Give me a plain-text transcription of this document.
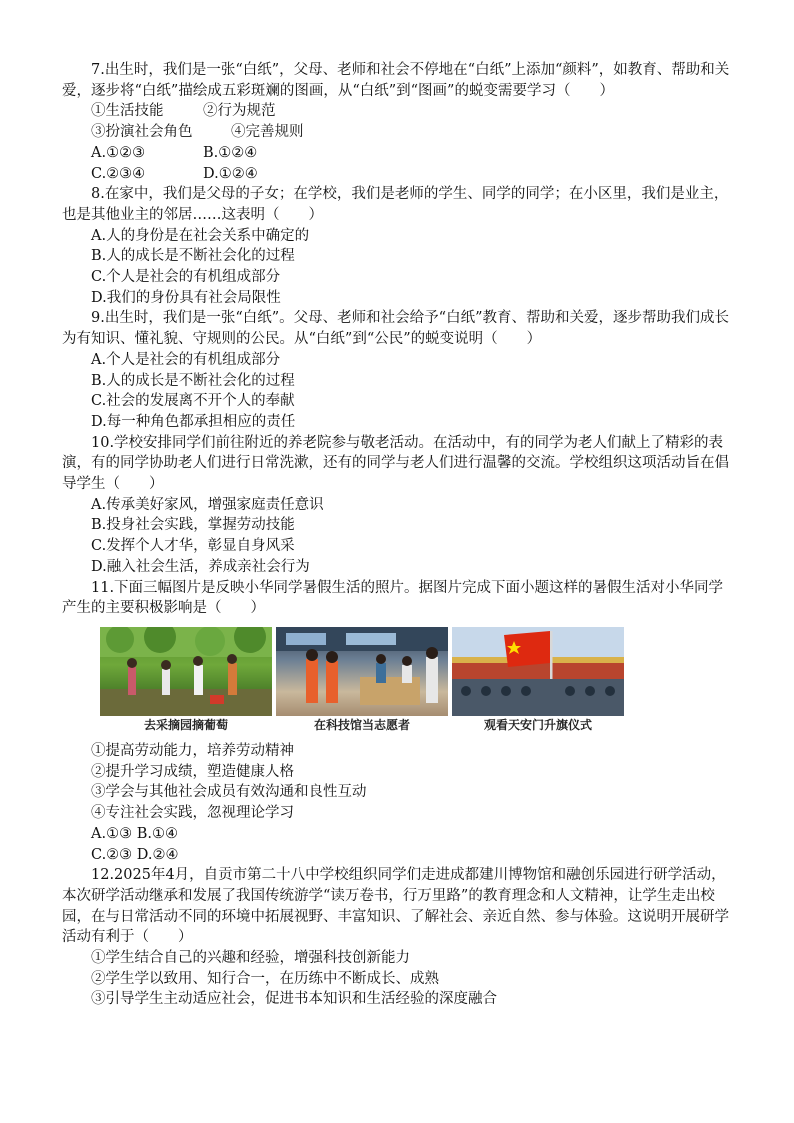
7.出生时，我们是一张“白纸”，父母、老师和社会不停地在“白纸”上添加“颜料”，如教育、帮助和关爱，逐步将“白纸”描绘成五彩斑斓的图画，从“白纸”到“图画”的蜕变需要学习（　　）

①生活技能	②行为规范
③扮演社会角色	④完善规则
A.①②③	B.①②④
C.②③④	D.①②④

8.在家中，我们是父母的子女；在学校，我们是老师的学生、同学的同学；在小区里，我们是业主，也是其他业主的邻居……这表明（　　）

A.人的身份是在社会关系中确定的

B.人的成长是不断社会化的过程

C.个人是社会的有机组成部分

D.我们的身份具有社会局限性

9.出生时，我们是一张“白纸”。父母、老师和社会给予“白纸”教育、帮助和关爱，逐步帮助我们成长为有知识、懂礼貌、守规则的公民。从“白纸”到“公民”的蜕变说明（　　）

A.个人是社会的有机组成部分

B.人的成长是不断社会化的过程

C.社会的发展离不开个人的奉献

D.每一种角色都承担相应的责任

10.学校安排同学们前往附近的养老院参与敬老活动。在活动中，有的同学为老人们献上了精彩的表演，有的同学协助老人们进行日常洗漱，还有的同学与老人们进行温馨的交流。学校组织这项活动旨在倡导学生（　　）

A.传承美好家风，增强家庭责任意识

B.投身社会实践，掌握劳动技能

C.发挥个人才华，彰显自身风采

D.融入社会生活，养成亲社会行为

11.下面三幅图片是反映小华同学暑假生活的照片。据图片完成下面小题这样的暑假生活对小华同学产生的主要积极影响是（　　）

去采摘园摘葡萄	在科技馆当志愿者	观看天安门升旗仪式

①提高劳动能力，培养劳动精神

②提升学习成绩，塑造健康人格

③学会与其他社会成员有效沟通和良性互动

④专注社会实践，忽视理论学习

A.①③ B.①④

C.②③ D.②④

12.2025年4月，自贡市第二十八中学校组织同学们走进成都建川博物馆和融创乐园进行研学活动，本次研学活动继承和发展了我国传统游学“读万卷书，行万里路”的教育理念和人文精神，让学生走出校园，在与日常活动不同的环境中拓展视野、丰富知识、了解社会、亲近自然、参与体验。这说明开展研学活动有利于（　　）

①学生结合自己的兴趣和经验，增强科技创新能力

②学生学以致用、知行合一，在历练中不断成长、成熟

③引导学生主动适应社会，促进书本知识和生活经验的深度融合
